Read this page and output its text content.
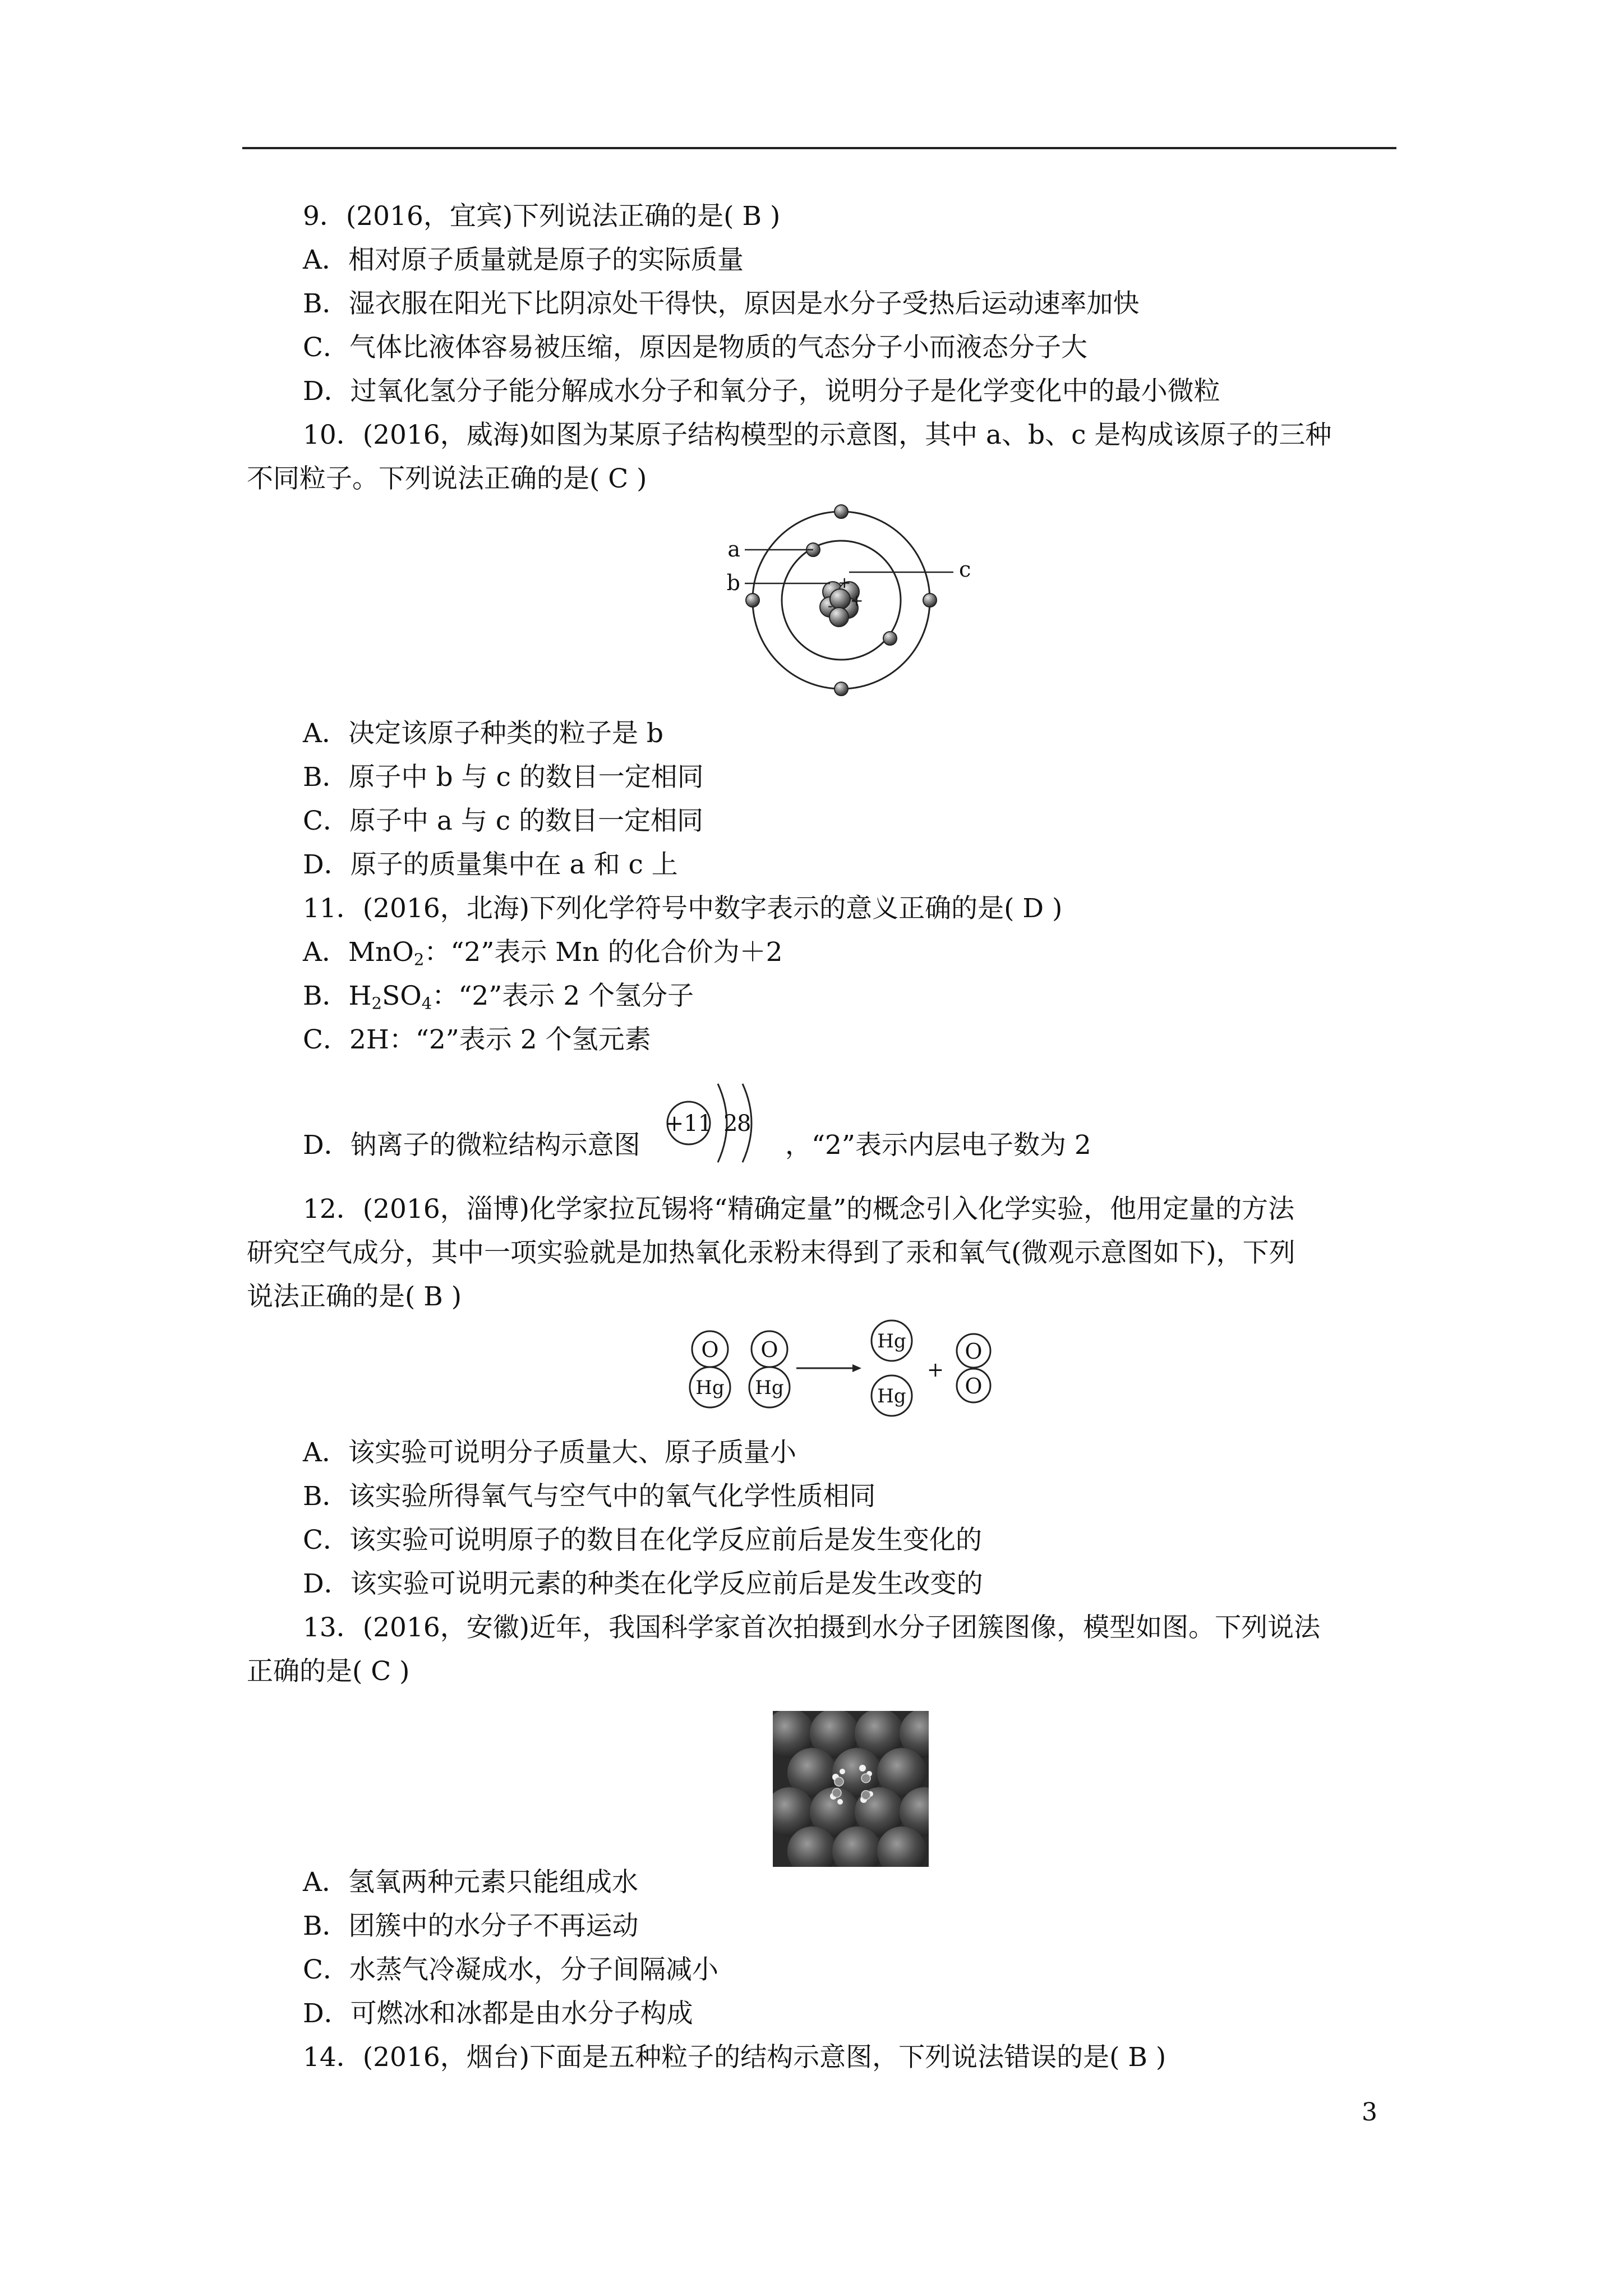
9．(2016，宜宾)下列说法正确的是( B )
A．相对原子质量就是原子的实际质量
B．湿衣服在阳光下比阴凉处干得快，原因是水分子受热后运动速率加快
C．气体比液体容易被压缩，原因是物质的气态分子小而液态分子大
D．过氧化氢分子能分解成水分子和氧分子，说明分子是化学变化中的最小微粒
10．(2016，威海)如图为某原子结构模型的示意图，其中 a、b、c 是构成该原子的三种
不同粒子。下列说法正确的是( C )
+
+
-
a
b
c
A．决定该原子种类的粒子是 b
B．原子中 b 与 c 的数目一定相同
C．原子中 a 与 c 的数目一定相同
D．原子的质量集中在 a 和 c 上
11．(2016，北海)下列化学符号中数字表示的意义正确的是( D )
A．MnO$_2$：“2”表示 Mn 的化合价为＋2
B．$H_2SO_4$：“2”表示 2 个氢分子
C．2H：“2”表示 2 个氢元素
D．钠离子的微粒结构示意图
+11 2
8
，“2”表示内层电子数为 2
12．(2016，淄博)化学家拉瓦锡将“精确定量”的概念引入化学实验，他用定量的方法
研究空气成分，其中一项实验就是加热氧化汞粉末得到了汞和氧气(微观示意图如下)，下列
说法正确的是( B )
O
Hg
O
Hg
Hg
Hg
+
O
O
A．该实验可说明分子质量大、原子质量小
B．该实验所得氧气与空气中的氧气化学性质相同
C．该实验可说明原子的数目在化学反应前后是发生变化的
D．该实验可说明元素的种类在化学反应前后是发生改变的
13．(2016，安徽)近年，我国科学家首次拍摄到水分子团簇图像，模型如图。下列说法
正确的是( C )
A．氢氧两种元素只能组成水
B．团簇中的水分子不再运动
C．水蒸气冷凝成水，分子间隔减小
D．可燃冰和冰都是由水分子构成
14．(2016，烟台)下面是五种粒子的结构示意图，下列说法错误的是( B )
3
